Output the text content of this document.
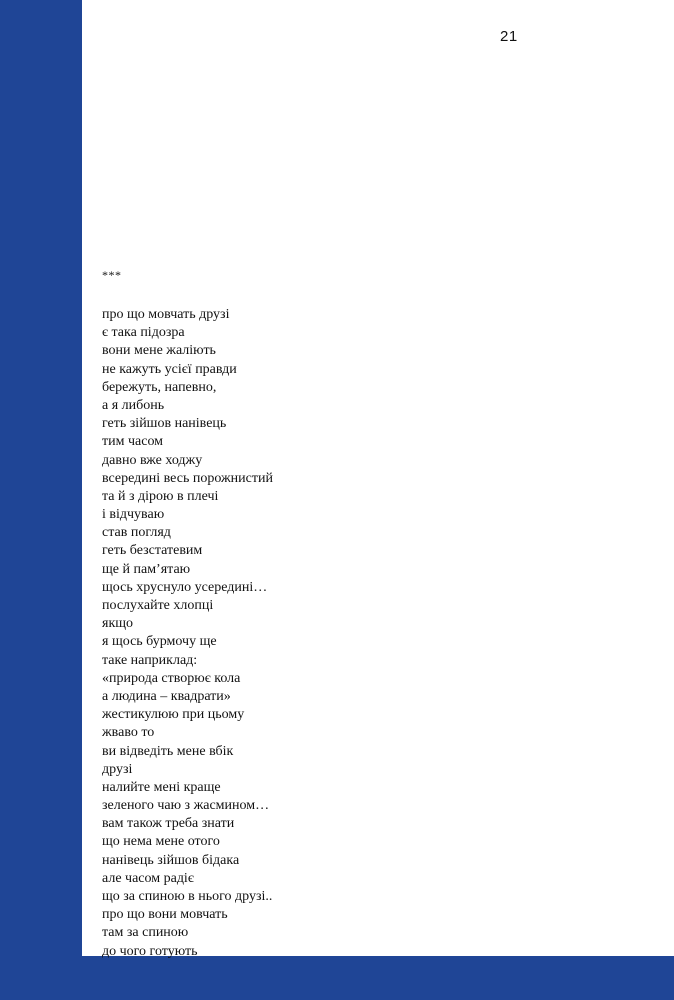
21
***
про що мовчать друзі
є така підозра
вони мене жаліють
не кажуть усієї правди
бережуть, напевно,
а я либонь
геть зійшов нанівець
тим часом
давно вже ходжу
всередині весь порожнистий
та й з дірою в плечі
і відчуваю
став погляд
геть безстатевим
ще й пам’ятаю
щось хруснуло усередині…
послухайте хлопці
якщо
я щось бурмочу ще
таке наприклад:
«природа створює кола
а людина – квадрати»
жестикулюю при цьому
жваво то
ви відведіть мене вбік
друзі
налийте мені краще
зеленого чаю з жасмином…
вам також треба знати
що нема мене отого
нанівець зійшов бідака
але часом радіє
що за спиною в нього друзі..
про що вони мовчать
там за спиною
до чого готують
